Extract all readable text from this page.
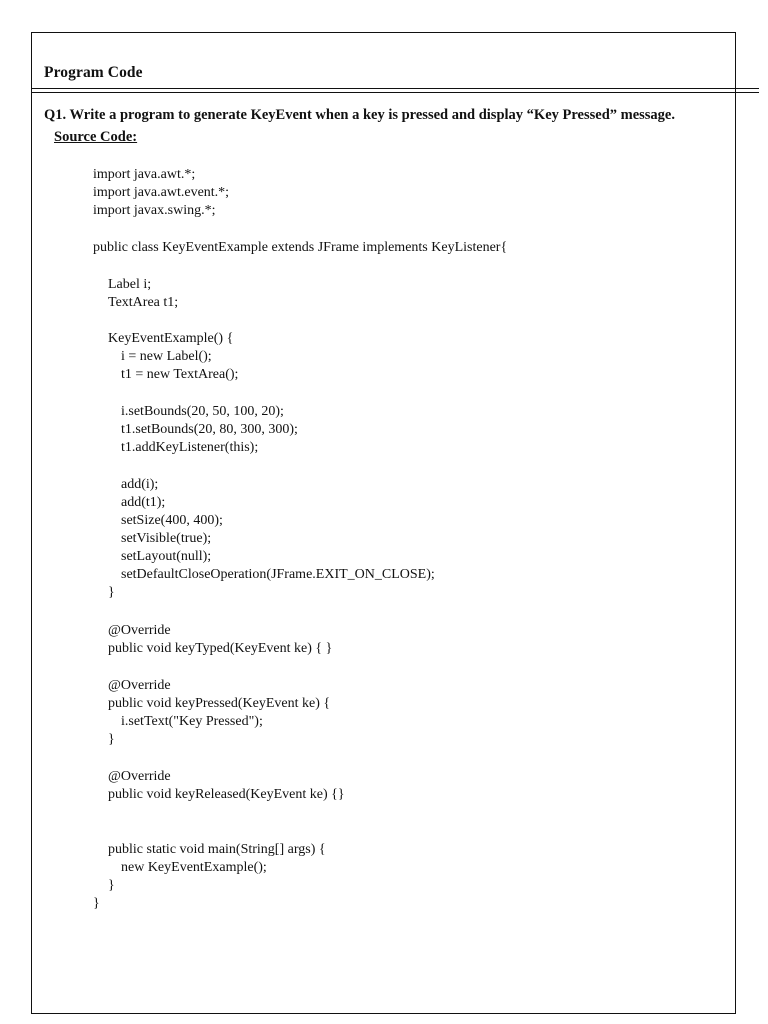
Program Code
Q1. Write a program to generate KeyEvent when a key is pressed and display “Key Pressed” message.
Source Code:
import java.awt.*;
import java.awt.event.*;
import javax.swing.*;
public class KeyEventExample extends JFrame implements KeyListener{
Label i;
TextArea t1;
KeyEventExample() {
i = new Label();
t1 = new TextArea();
i.setBounds(20, 50, 100, 20);
t1.setBounds(20, 80, 300, 300);
t1.addKeyListener(this);
add(i);
add(t1);
setSize(400, 400);
setVisible(true);
setLayout(null);
setDefaultCloseOperation(JFrame.EXIT_ON_CLOSE);
}
@Override
public void keyTyped(KeyEvent ke) { }
@Override
public void keyPressed(KeyEvent ke) {
i.setText("Key Pressed");
}
@Override
public void keyReleased(KeyEvent ke) {}
public static void main(String[] args) {
new KeyEventExample();
}
}
